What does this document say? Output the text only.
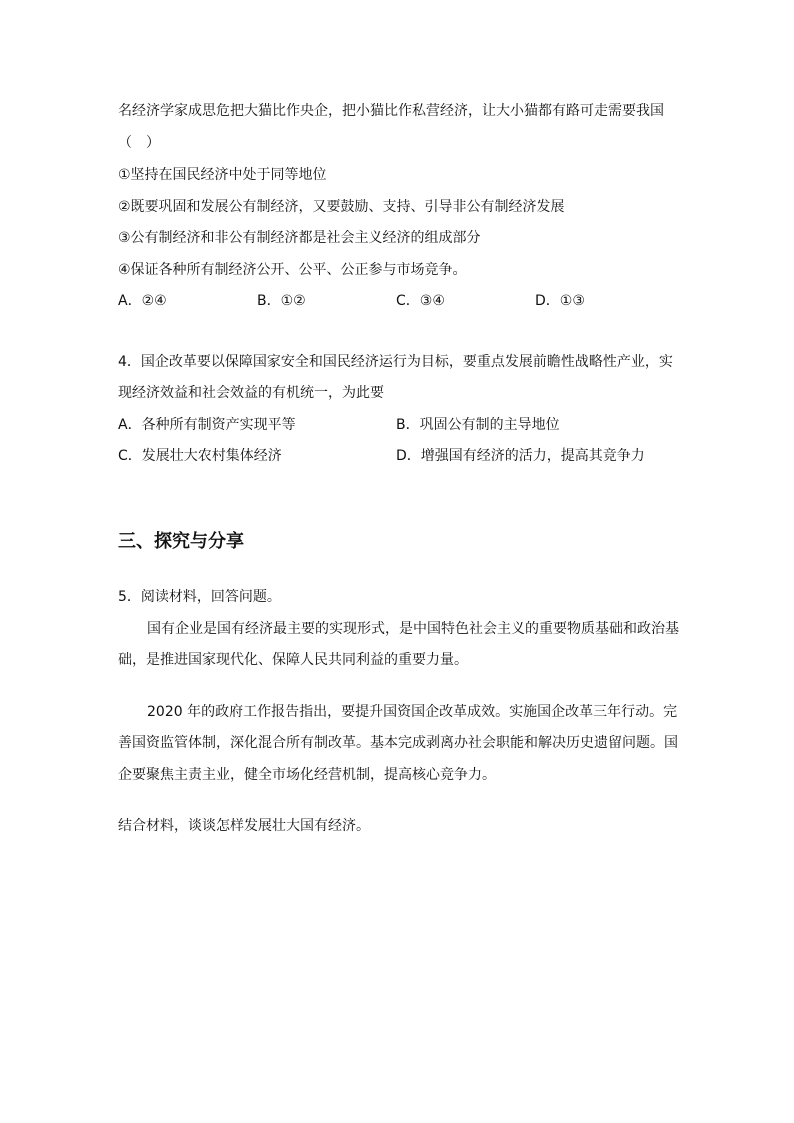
名经济学家成思危把大猫比作央企，把小猫比作私营经济，让大小猫都有路可走需要我国
（　）
①坚持在国民经济中处于同等地位
②既要巩固和发展公有制经济，又要鼓励、支持、引导非公有制经济发展
③公有制经济和非公有制经济都是社会主义经济的组成部分
④保证各种所有制经济公开、公平、公正参与市场竞争。
A．②④	B．①②	C．③④	D．①③
4．国企改革要以保障国家安全和国民经济运行为目标，要重点发展前瞻性战略性产业，实
现经济效益和社会效益的有机统一，为此要
A．各种所有制资产实现平等	B．巩固公有制的主导地位
C．发展壮大农村集体经济	D．增强国有经济的活力，提高其竞争力
三、探究与分享
5．阅读材料，回答问题。
国有企业是国有经济最主要的实现形式，是中国特色社会主义的重要物质基础和政治基
础，是推进国家现代化、保障人民共同利益的重要力量。
2020 年的政府工作报告指出，要提升国资国企改革成效。实施国企改革三年行动。完
善国资监管体制，深化混合所有制改革。基本完成剥离办社会职能和解决历史遗留问题。国
企要聚焦主责主业，健全市场化经营机制，提高核心竞争力。
结合材料，谈谈怎样发展壮大国有经济。
